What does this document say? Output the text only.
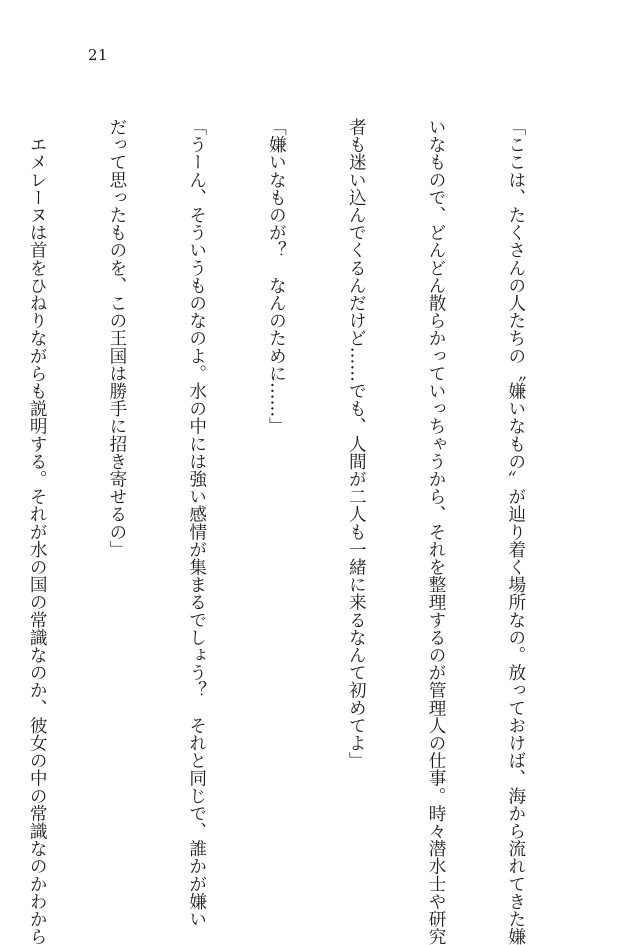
21

「ここは、たくさんの人たちの〝嫌いなもの〟が辿り着く場所なの。放っておけば、海から流れてきた嫌

いなもので、どんどん散らかっていっちゃうから、それを整理するのが管理人の仕事。時々潜水士や研究

者も迷い込んでくるんだけど……でも、人間が二人も一緒に来るなんて初めてよ」

「嫌いなものが？　なんのために……」

「うーん、そういうものなのよ。水の中には強い感情が集まるでしょう？　それと同じで、誰かが嫌い

だって思ったものを、この王国は勝手に招き寄せるの」

　エメレーヌは首をひねりながらも説明する。それが水の国の常識なのか、彼女の中の常識なのかわから
